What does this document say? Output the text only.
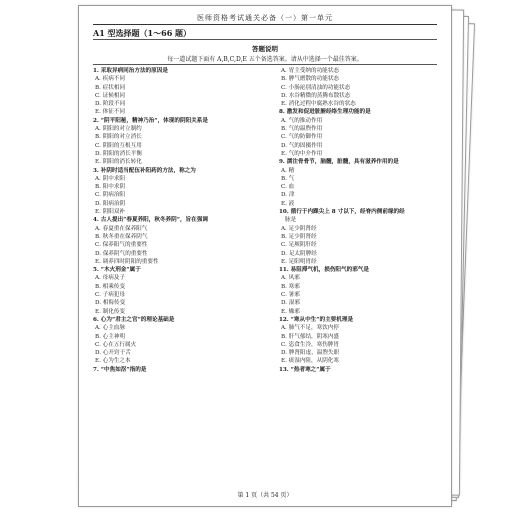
医师资格考试通关必备（一）第一单元
A1 型选择题（1～66 题）
答题说明
每一道试题下面有 A,B,C,D,E 五个备选答案。请从中选择一个最佳答案。
1. 采取异病同治方法的原因是
A. 疾病不同
B. 症状相同
C. 证候相同
D. 阶段不同
E. 体征不同
2. “阴平阳秘，精神乃治”，体现的阴阳关系是
A. 阴阳的对立制约
B. 阴阳的对立消长
C. 阴阳的互根互用
D. 阴阳的消长平衡
E. 阴阳的消长转化
3. 补阴时适当配伍补阳药的方法，称之为
A. 阴中求阳
B. 阳中求阴
C. 阴病治阳
D. 阳病治阴
E. 阴阳双补
4. 古人提出“春夏养阳，秋冬养阴”，旨在强调
A. 春夏重在保养阳气
B. 秋冬重在保养阴气
C. 保养阳气的重要性
D. 保养阴气的重要性
E. 调养四时阴阳的重要性
5. “木火刑金”属于
A. 母病及子
B. 相乘传变
C. 子病犯母
D. 相侮传变
E. 制化传变
6. 心为“君主之官”的理论基础是
A. 心主血脉
B. 心主神明
C. 心在五行属火
D. 心开窍于舌
E. 心为生之本
7. “中焦如沤”指的是
A. 胃主受纳的功能状态
B. 脾气磨散的功能状态
C. 小肠泌别清浊的功能状态
D. 水谷精微的蒸腾布散状态
E. 消化过程中腐熟水谷的状态
8. 激发和促进脏腑经络生理功能的是
A. 气的推动作用
B. 气的温煦作用
C. 气的防御作用
D. 气的固摄作用
E. 气的中介作用
9. 濡注骨骨节，脑髓，脏髓，具有滋养作用的是
A. 精
B. 气
C. 血
D. 津
E. 液
10. 循行于内踝尖上 8 寸以下，经脊内侧前缘的经
脉是
A. 足少阴肾经
B. 足少阴肾经
C. 足厥阴肝经
D. 足太阴脾经
E. 足阳明胃经
11. 易阻滞气机，损伤阳气的邪气是
A. 风邪
B. 寒邪
C. 暑邪
D. 湿邪
E. 燥邪
12. “寒从中生”的主要机理是
A. 肺气不足，寒饮内停
B. 肝气郁结，阴寒内盛
C. 恣食生冷，寒伤脾胃
D. 脾肾阳虚，温煦失职
E. 痰湿内阻，从阴化寒
13. “热者寒之”属于
第 1 页（共 54 页）
